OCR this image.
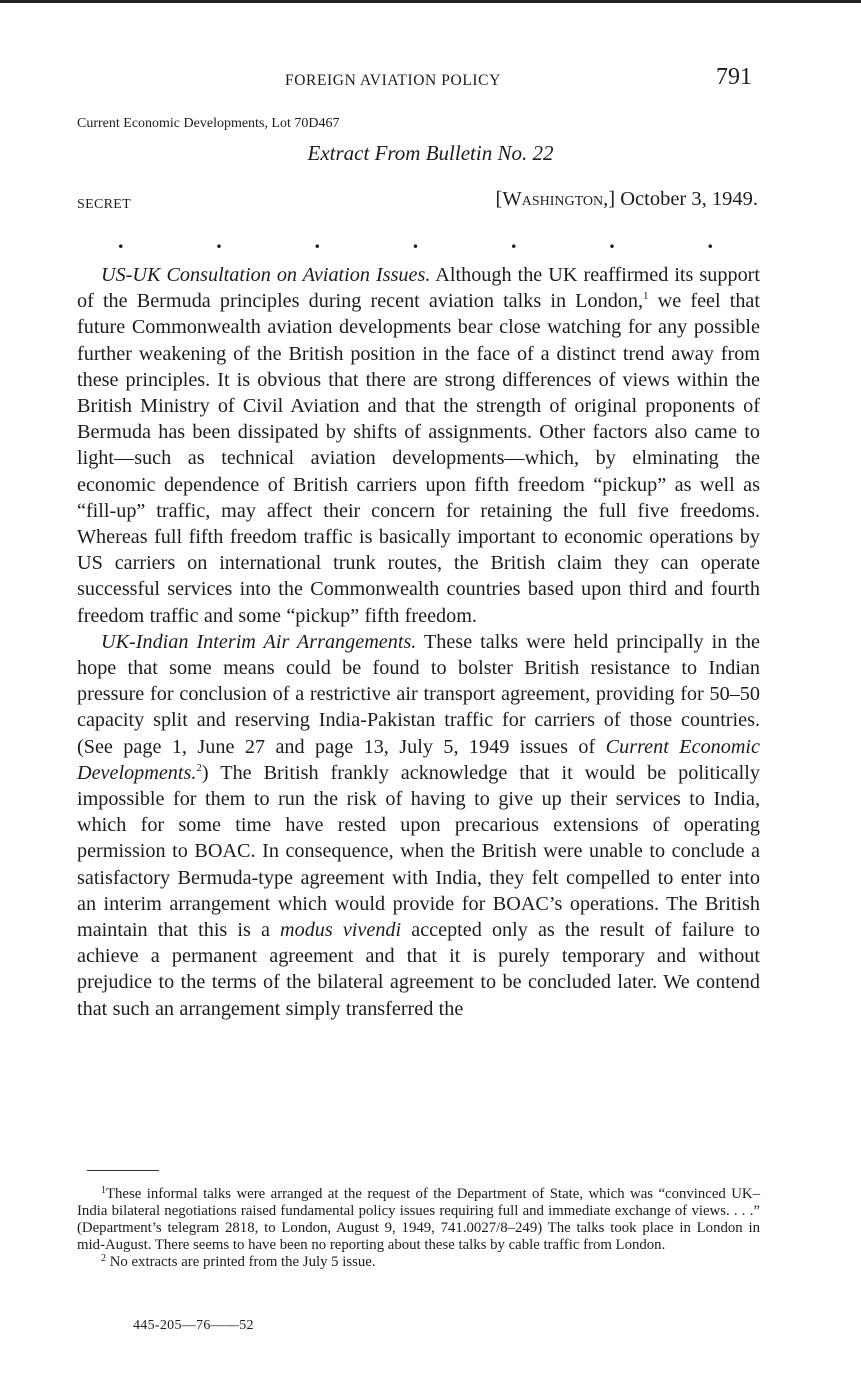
FOREIGN AVIATION POLICY	791
Current Economic Developments, Lot 70D467
Extract From Bulletin No. 22
SECRET	[Washington,] October 3, 1949.
.	.	.	.	.	.	.

US-UK Consultation on Aviation Issues. Although the UK reaffirmed its support of the Bermuda principles during recent aviation talks in London,$^1$ we feel that future Commonwealth aviation developments bear close watching for any possible further weakening of the British position in the face of a distinct trend away from these principles. It is obvious that there are strong differences of views within the British Ministry of Civil Aviation and that the strength of original proponents of Bermuda has been dissipated by shifts of assignments. Other factors also came to light—such as technical aviation developments—which, by elminating the economic dependence of British carriers upon fifth freedom “pickup” as well as “fill-up” traffic, may affect their concern for retaining the full five freedoms. Whereas full fifth freedom traffic is basically important to economic operations by US carriers on international trunk routes, the British claim they can operate successful services into the Commonwealth countries based upon third and fourth freedom traffic and some “pickup” fifth freedom.

UK-Indian Interim Air Arrangements. These talks were held principally in the hope that some means could be found to bolster British resistance to Indian pressure for conclusion of a restrictive air transport agreement, providing for 50–50 capacity split and reserving India-Pakistan traffic for carriers of those countries. (See page 1, June 27 and page 13, July 5, 1949 issues of Current Economic Developments.$^2$) The British frankly acknowledge that it would be politically impossible for them to run the risk of having to give up their services to India, which for some time have rested upon precarious extensions of operating permission to BOAC. In consequence, when the British were unable to conclude a satisfactory Bermuda-type agreement with India, they felt compelled to enter into an interim arrangement which would provide for BOAC’s operations. The British maintain that this is a modus vivendi accepted only as the result of failure to achieve a permanent agreement and that it is purely temporary and without prejudice to the terms of the bilateral agreement to be concluded later. We contend that such an arrangement simply transferred the

$^1$These informal talks were arranged at the request of the Department of State, which was “convinced UK–India bilateral negotiations raised fundamental policy issues requiring full and immediate exchange of views. . . .” (Department’s telegram 2818, to London, August 9, 1949, 741.0027/8–249) The talks took place in London in mid-August. There seems to have been no reporting about these talks by cable traffic from London.

$^2$ No extracts are printed from the July 5 issue.

445-205—76——52
